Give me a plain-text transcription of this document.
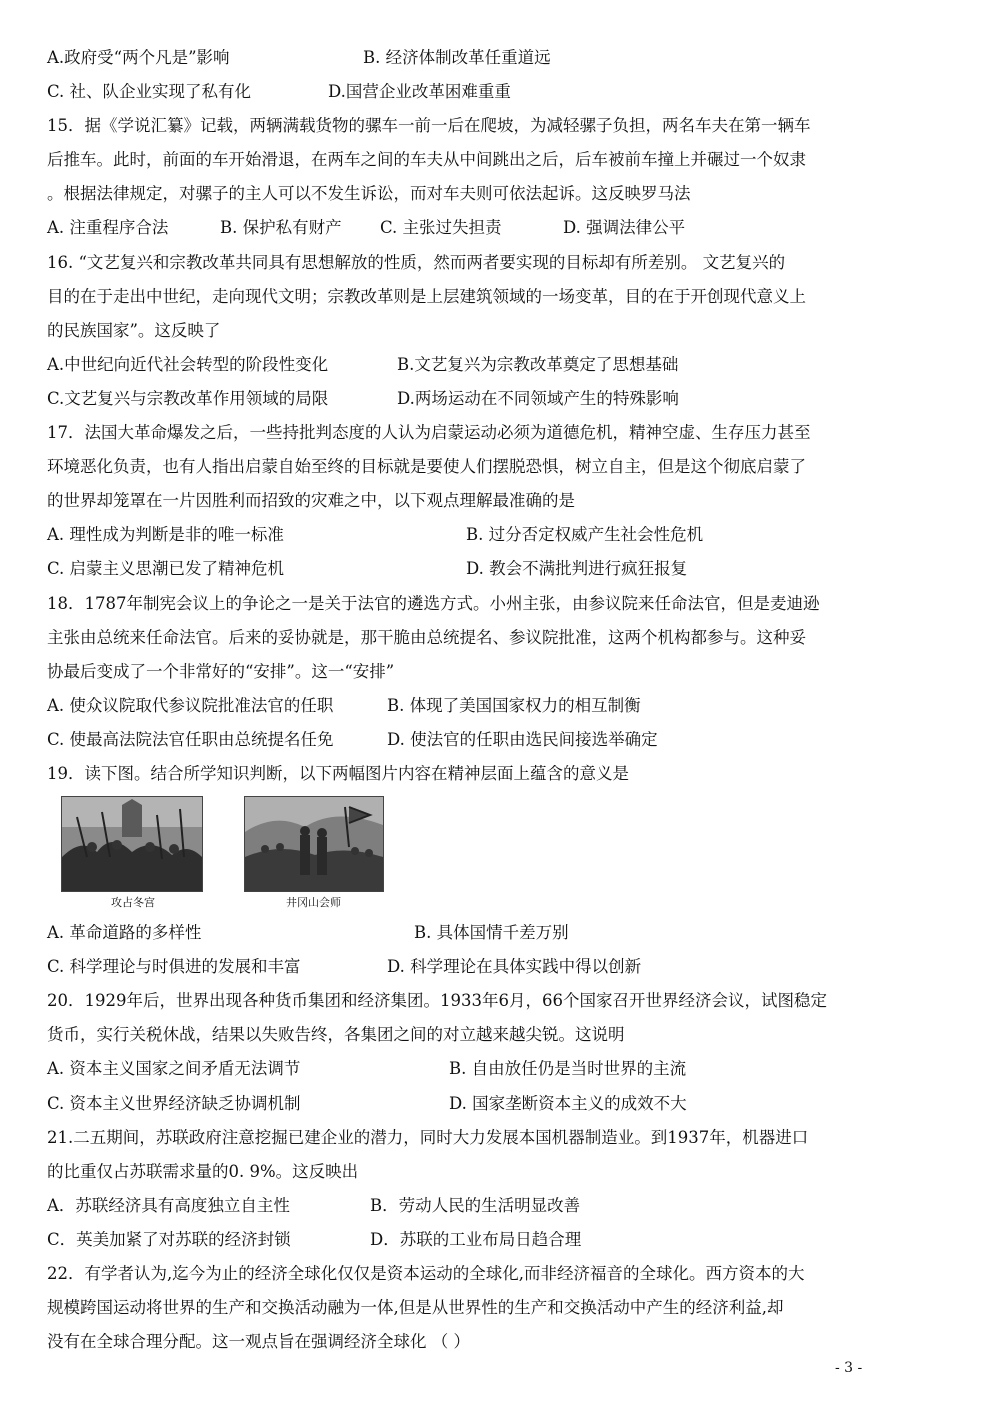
A.政府受“两个凡是”影响	B. 经济体制改革任重道远
C. 社、队企业实现了私有化	D.国营企业改革困难重重
15．据《学说汇纂》记载，两辆满载货物的骡车一前一后在爬坡，为减轻骡子负担，两名车夫在第一辆车
后推车。此时，前面的车开始滑退，在两车之间的车夫从中间跳出之后，后车被前车撞上并碾过一个奴隶
。根据法律规定，对骡子的主人可以不发生诉讼，而对车夫则可依法起诉。这反映罗马法
A. 注重程序合法	B. 保护私有财产 C. 主张过失担责	D. 强调法律公平
16. “文艺复兴和宗教改革共同具有思想解放的性质，然而两者要实现的目标却有所差别。 文艺复兴的
目的在于走出中世纪，走向现代文明；宗教改革则是上层建筑领域的一场变革，目的在于开创现代意义上
的民族国家”。这反映了
A.中世纪向近代社会转型的阶段性变化	B.文艺复兴为宗教改革奠定了思想基础
C.文艺复兴与宗教改革作用领域的局限	D.两场运动在不同领域产生的特殊影响
17．法国大革命爆发之后，一些持批判态度的人认为启蒙运动必须为道德危机，精神空虚、生存压力甚至
环境恶化负责，也有人指出启蒙自始至终的目标就是要使人们摆脱恐惧，树立自主，但是这个彻底启蒙了
的世界却笼罩在一片因胜利而招致的灾难之中，以下观点理解最准确的是
A. 理性成为判断是非的唯一标准	B. 过分否定权威产生社会性危机
C. 启蒙主义思潮已发了精神危机	D. 教会不满批判进行疯狂报复
18．1787年制宪会议上的争论之一是关于法官的遴选方式。小州主张，由参议院来任命法官，但是麦迪逊
主张由总统来任命法官。后来的妥协就是，那干脆由总统提名、参议院批准，这两个机构都参与。这种妥
协最后变成了一个非常好的“安排”。这一“安排”
A. 使众议院取代参议院批准法官的任职	B. 体现了美国国家权力的相互制衡
C. 使最高法院法官任职由总统提名任免	D. 使法官的任职由选民间接选举确定
19．读下图。结合所学知识判断，以下两幅图片内容在精神层面上蕴含的意义是
攻占冬宫	井冈山会师
A. 革命道路的多样性	B. 具体国情千差万别
C. 科学理论与时俱进的发展和丰富	D. 科学理论在具体实践中得以创新
20．1929年后，世界出现各种货币集团和经济集团。1933年6月，66个国家召开世界经济会议，试图稳定
货币，实行关税休战，结果以失败告终，各集团之间的对立越来越尖锐。这说明
A. 资本主义国家之间矛盾无法调节	B. 自由放任仍是当时世界的主流
C. 资本主义世界经济缺乏协调机制	D. 国家垄断资本主义的成效不大
21.二五期间，苏联政府注意挖掘已建企业的潜力，同时大力发展本国机器制造业。到1937年，机器进口
的比重仅占苏联需求量的0. 9%。这反映出
A．苏联经济具有高度独立自主性	B．劳动人民的生活明显改善
C．英美加紧了对苏联的经济封锁	D．苏联的工业布局日趋合理
22．有学者认为,迄今为止的经济全球化仅仅是资本运动的全球化,而非经济福音的全球化。西方资本的大
规模跨国运动将世界的生产和交换活动融为一体,但是从世界性的生产和交换活动中产生的经济利益,却
没有在全球合理分配。这一观点旨在强调经济全球化 （ ）
- 3 -
